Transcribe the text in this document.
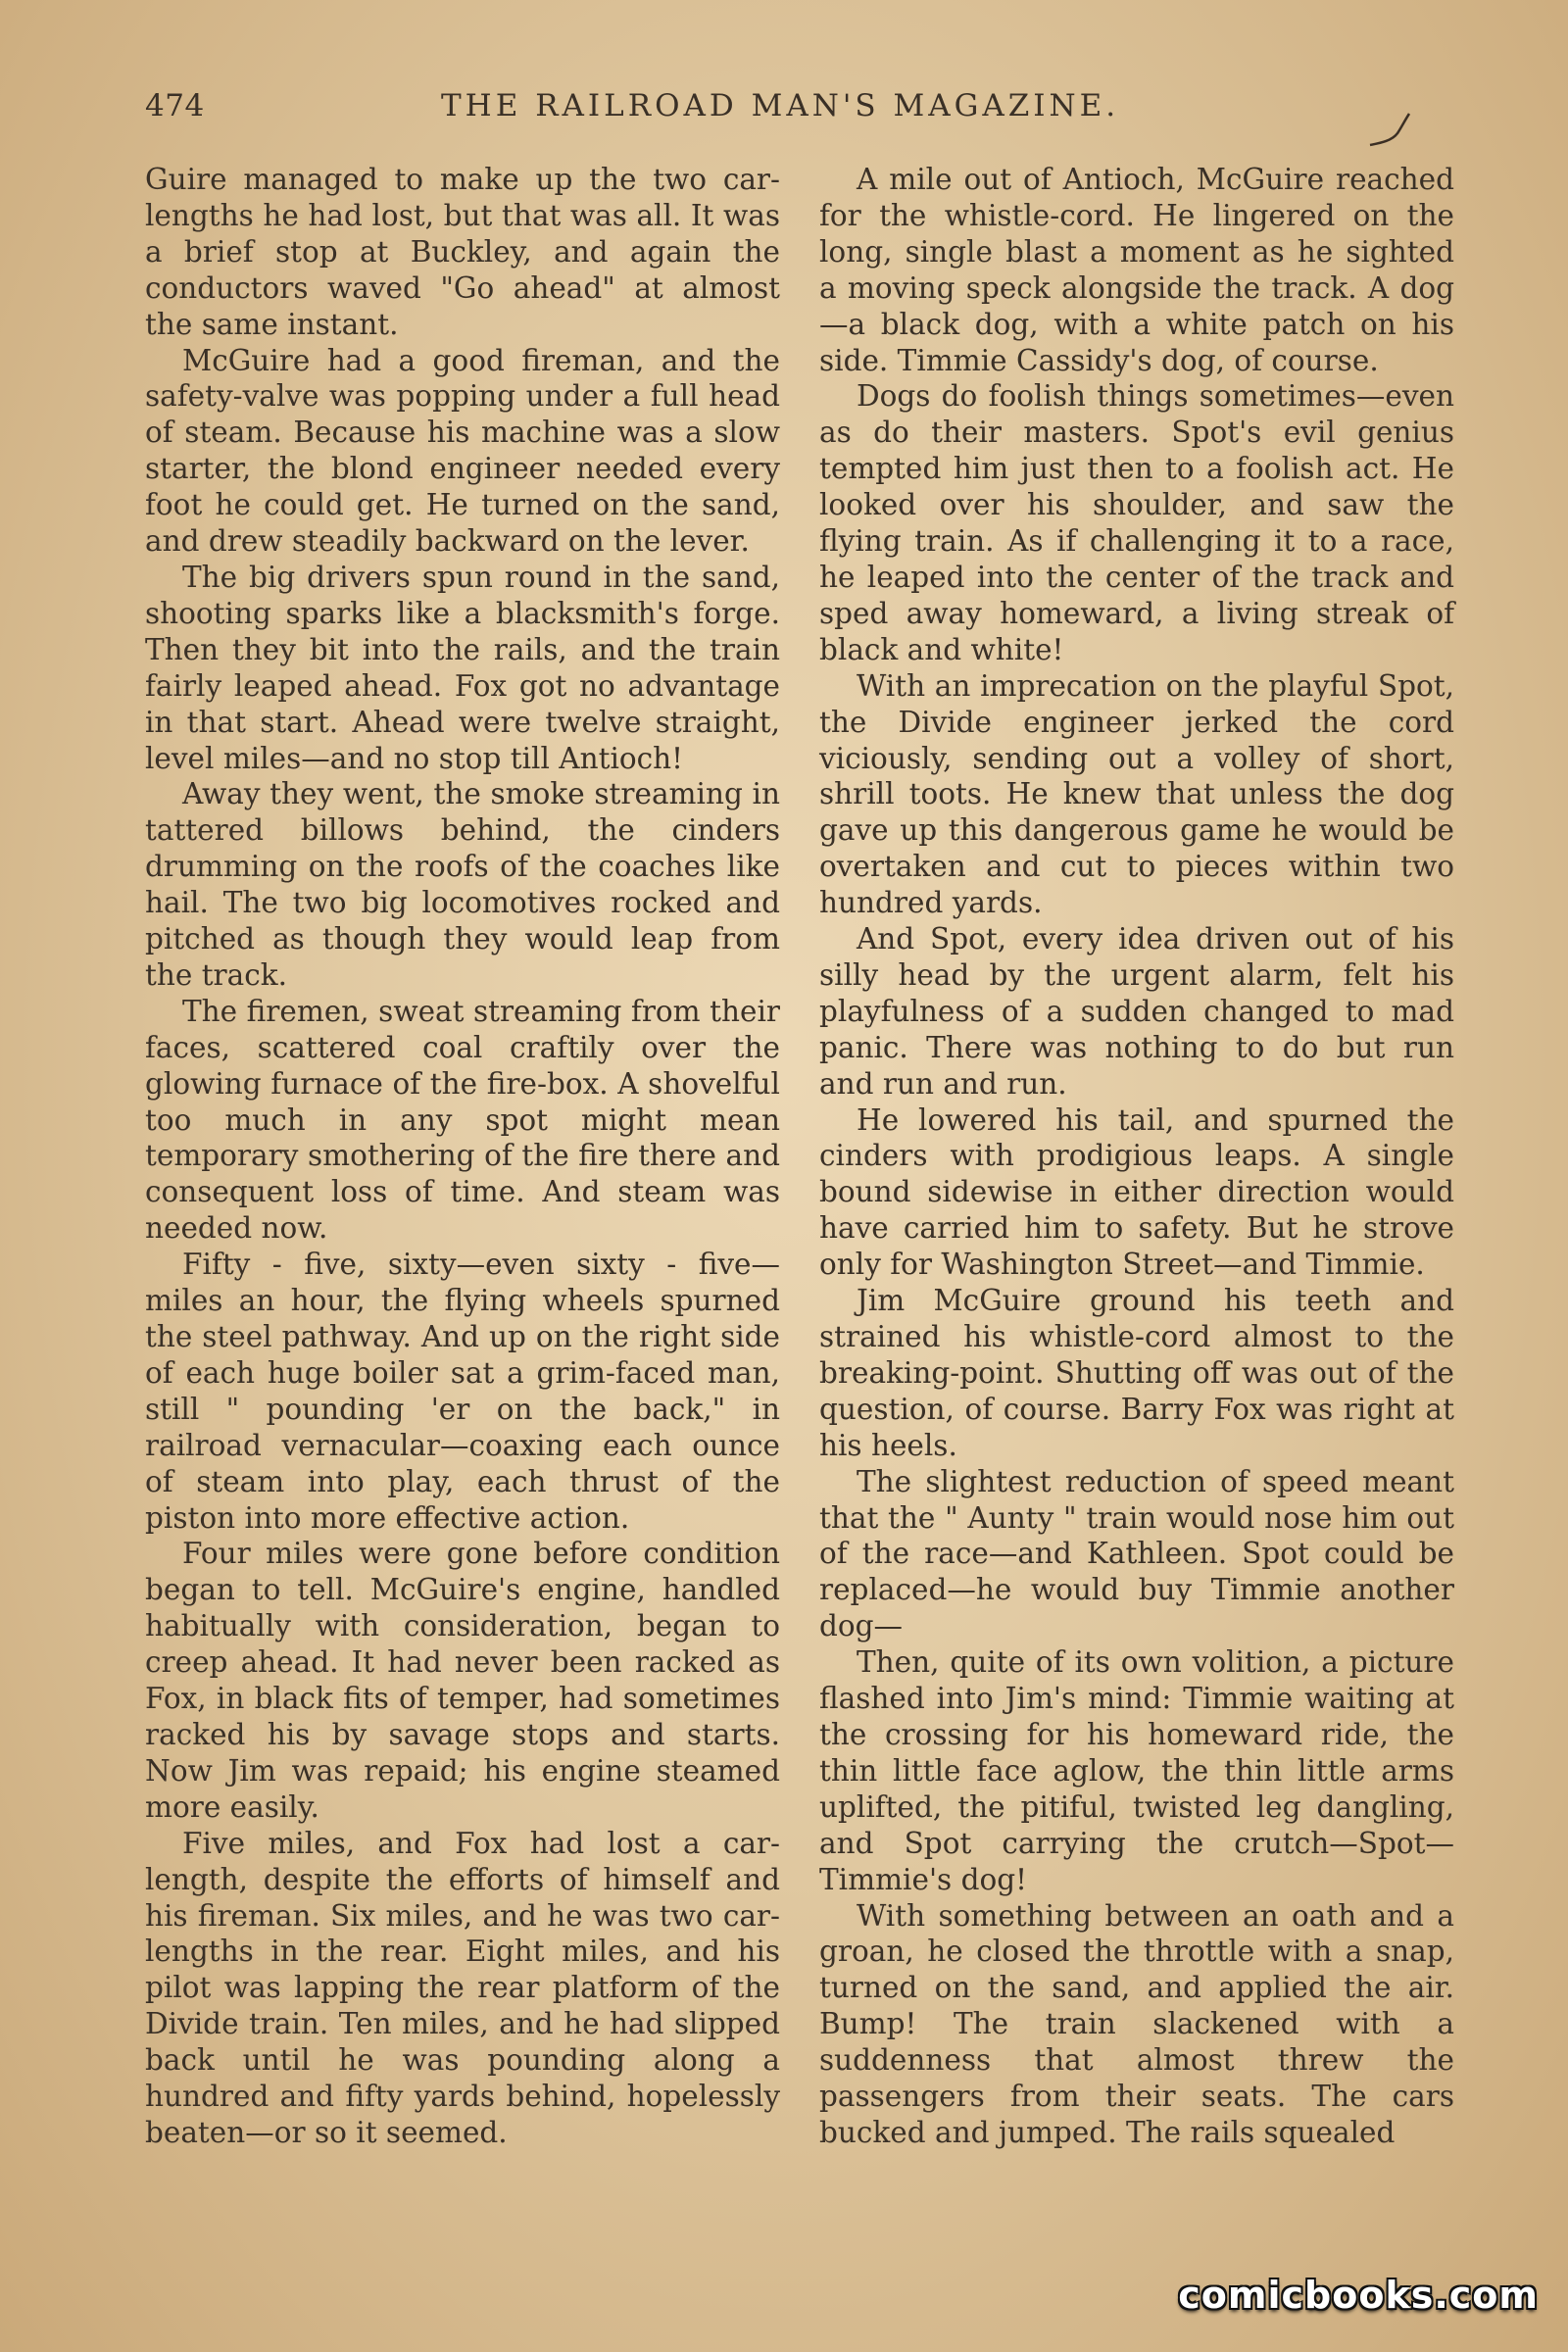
474	THE RAILROAD MAN'S MAGAZINE.

Guire managed to make up the two car-lengths he had lost, but that was all. It was a brief stop at Buckley, and again the conductors waved "Go ahead" at almost the same instant.

McGuire had a good fireman, and the safety-valve was popping under a full head of steam. Because his machine was a slow starter, the blond engineer needed every foot he could get. He turned on the sand, and drew steadily backward on the lever.

The big drivers spun round in the sand, shooting sparks like a blacksmith's forge. Then they bit into the rails, and the train fairly leaped ahead. Fox got no advantage in that start. Ahead were twelve straight, level miles—and no stop till Antioch!

Away they went, the smoke streaming in tattered billows behind, the cinders drumming on the roofs of the coaches like hail. The two big locomotives rocked and pitched as though they would leap from the track.

The firemen, sweat streaming from their faces, scattered coal craftily over the glowing furnace of the fire-box. A shovelful too much in any spot might mean temporary smothering of the fire there and consequent loss of time. And steam was needed now.

Fifty - five, sixty—even sixty - five—miles an hour, the flying wheels spurned the steel pathway. And up on the right side of each huge boiler sat a grim-faced man, still " pounding 'er on the back," in railroad vernacular—coaxing each ounce of steam into play, each thrust of the piston into more effective action.

Four miles were gone before condition began to tell. McGuire's engine, handled habitually with consideration, began to creep ahead. It had never been racked as Fox, in black fits of temper, had sometimes racked his by savage stops and starts. Now Jim was repaid; his engine steamed more easily.

Five miles, and Fox had lost a car-length, despite the efforts of himself and his fireman. Six miles, and he was two car-lengths in the rear. Eight miles, and his pilot was lapping the rear platform of the Divide train. Ten miles, and he had slipped back until he was pounding along a hundred and fifty yards behind, hopelessly beaten—or so it seemed.

A mile out of Antioch, McGuire reached for the whistle-cord. He lingered on the long, single blast a moment as he sighted a moving speck alongside the track. A dog—a black dog, with a white patch on his side. Timmie Cassidy's dog, of course.

Dogs do foolish things sometimes—even as do their masters. Spot's evil genius tempted him just then to a foolish act. He looked over his shoulder, and saw the flying train. As if challenging it to a race, he leaped into the center of the track and sped away homeward, a living streak of black and white!

With an imprecation on the playful Spot, the Divide engineer jerked the cord viciously, sending out a volley of short, shrill toots. He knew that unless the dog gave up this dangerous game he would be overtaken and cut to pieces within two hundred yards.

And Spot, every idea driven out of his silly head by the urgent alarm, felt his playfulness of a sudden changed to mad panic. There was nothing to do but run and run and run.

He lowered his tail, and spurned the cinders with prodigious leaps. A single bound sidewise in either direction would have carried him to safety. But he strove only for Washington Street—and Timmie.

Jim McGuire ground his teeth and strained his whistle-cord almost to the breaking-point. Shutting off was out of the question, of course. Barry Fox was right at his heels.

The slightest reduction of speed meant that the " Aunty " train would nose him out of the race—and Kathleen. Spot could be replaced—he would buy Timmie another dog—

Then, quite of its own volition, a picture flashed into Jim's mind: Timmie waiting at the crossing for his homeward ride, the thin little face aglow, the thin little arms uplifted, the pitiful, twisted leg dangling, and Spot carrying the crutch—Spot—Timmie's dog!

With something between an oath and a groan, he closed the throttle with a snap, turned on the sand, and applied the air. Bump! The train slackened with a suddenness that almost threw the passengers from their seats. The cars bucked and jumped. The rails squealed

comicbooks.com
